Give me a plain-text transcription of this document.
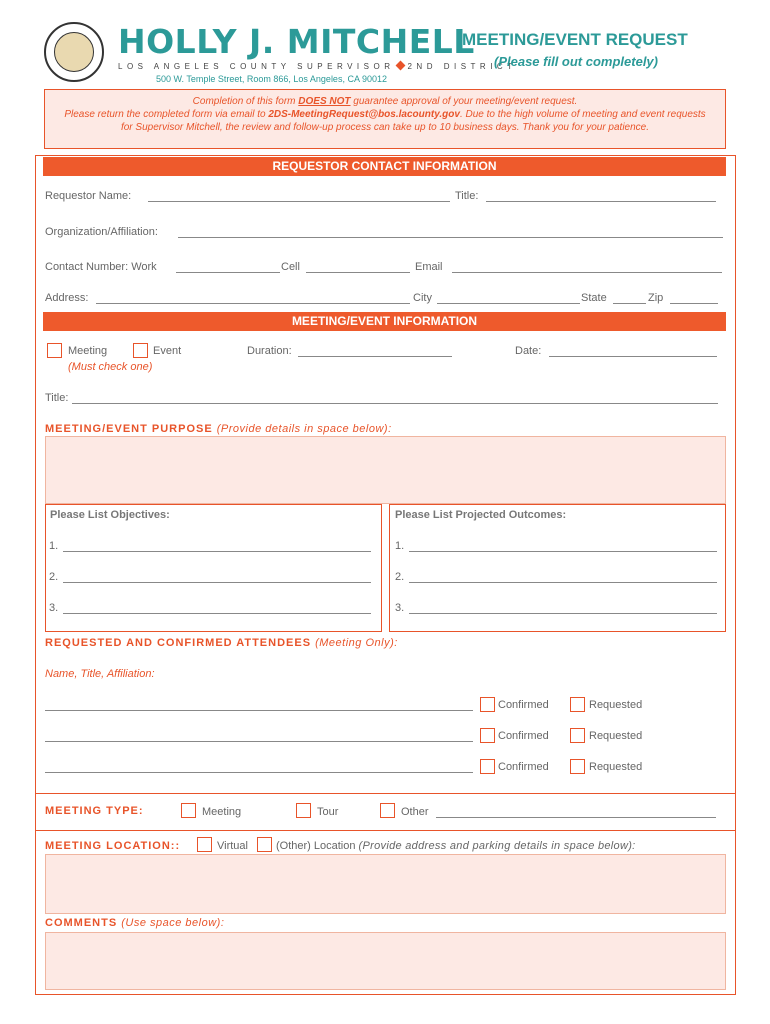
HOLLY J. MITCHELL
LOS ANGELES COUNTY SUPERVISOR 2ND DISTRICT
500 W. Temple Street, Room 866, Los Angeles, CA 90012
MEETING/EVENT REQUEST
(Please fill out completely)

Completion of this form DOES NOT guarantee approval of your meeting/event request.
Please return the completed form via email to 2DS-MeetingRequest@bos.lacounty.gov. Due to the high volume of meeting and event requests
for Supervisor Mitchell, the review and follow-up process can take up to 10 business days. Thank you for your patience.

REQUESTOR CONTACT INFORMATION
Requestor Name:	Title:
Organization/Affiliation:
Contact Number: Work	Cell	Email
Address:	City	State	Zip
MEETING/EVENT INFORMATION
Meeting	Event
(Must check one)
Duration:	Date:
Title:
MEETING/EVENT PURPOSE (Provide details in space below):
Please List Objectives:	Please List Projected Outcomes:
1.
2.
3.
1.
2.
3.
REQUESTED AND CONFIRMED ATTENDEES (Meeting Only):
Name, Title, Affiliation:
Confirmed	Requested
Confirmed	Requested
Confirmed	Requested
MEETING TYPE:	Meeting	Tour	Other
MEETING LOCATION::	Virtual	(Other) Location (Provide address and parking details in space below):
COMMENTS (Use space below):
